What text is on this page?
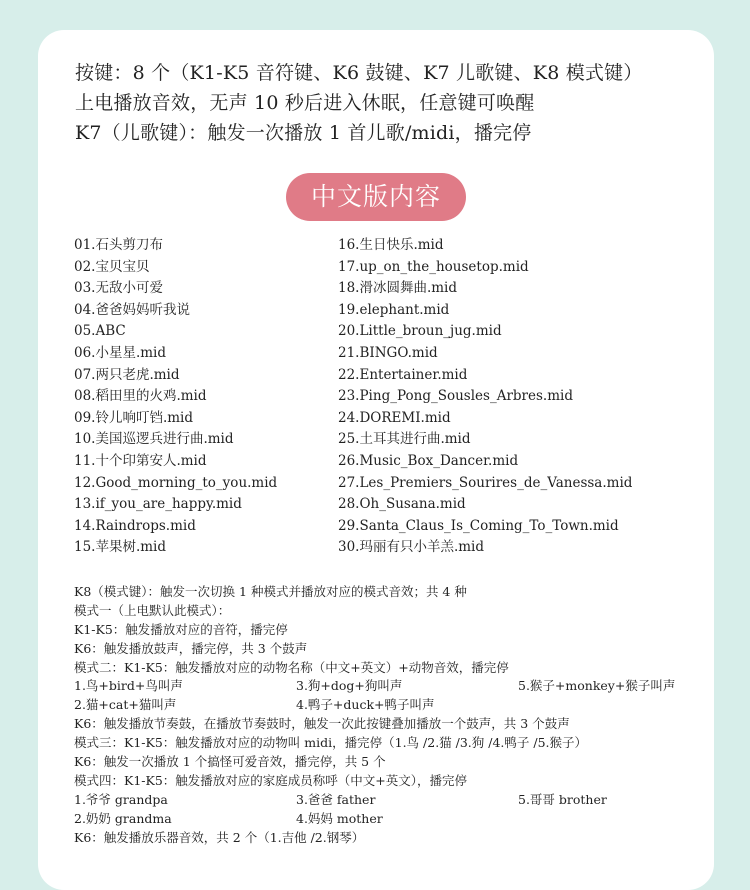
按键：8 个（K1-K5 音符键、K6 鼓键、K7 儿歌键、K8 模式键）
上电播放音效，无声 10 秒后进入休眠，任意键可唤醒
K7（儿歌键）：触发一次播放 1 首儿歌/midi，播完停
中文版内容
01.石头剪刀布
02.宝贝宝贝
03.无敌小可爱
04.爸爸妈妈听我说
05.ABC
06.小星星.mid
07.两只老虎.mid
08.稻田里的火鸡.mid
09.铃儿响叮铛.mid
10.美国巡逻兵进行曲.mid
11.十个印第安人.mid
12.Good_morning_to_you.mid
13.if_you_are_happy.mid
14.Raindrops.mid
15.苹果树.mid
16.生日快乐.mid
17.up_on_the_housetop.mid
18.滑冰圆舞曲.mid
19.elephant.mid
20.Little_broun_jug.mid
21.BINGO.mid
22.Entertainer.mid
23.Ping_Pong_Sousles_Arbres.mid
24.DOREMI.mid
25.土耳其进行曲.mid
26.Music_Box_Dancer.mid
27.Les_Premiers_Sourires_de_Vanessa.mid
28.Oh_Susana.mid
29.Santa_Claus_Is_Coming_To_Town.mid
30.玛丽有只小羊羔.mid
K8（模式键）：触发一次切换 1 种模式并播放对应的模式音效；共 4 种
模式一（上电默认此模式）：
K1-K5：触发播放对应的音符，播完停
K6：触发播放鼓声，播完停，共 3 个鼓声
模式二：K1-K5：触发播放对应的动物名称（中文+英文）+动物音效，播完停
1.鸟+bird+鸟叫声	3.狗+dog+狗叫声	5.猴子+monkey+猴子叫声
2.猫+cat+猫叫声	4.鸭子+duck+鸭子叫声
K6：触发播放节奏鼓，在播放节奏鼓时，触发一次此按键叠加播放一个鼓声，共 3 个鼓声
模式三：K1-K5：触发播放对应的动物叫 midi，播完停（1.鸟 /2.猫 /3.狗 /4.鸭子 /5.猴子）
K6：触发一次播放 1 个搞怪可爱音效，播完停，共 5 个
模式四：K1-K5：触发播放对应的家庭成员称呼（中文+英文），播完停
1.爷爷 grandpa	3.爸爸 father	5.哥哥 brother
2.奶奶 grandma	4.妈妈 mother
K6：触发播放乐器音效，共 2 个（1.吉他 /2.钢琴）
